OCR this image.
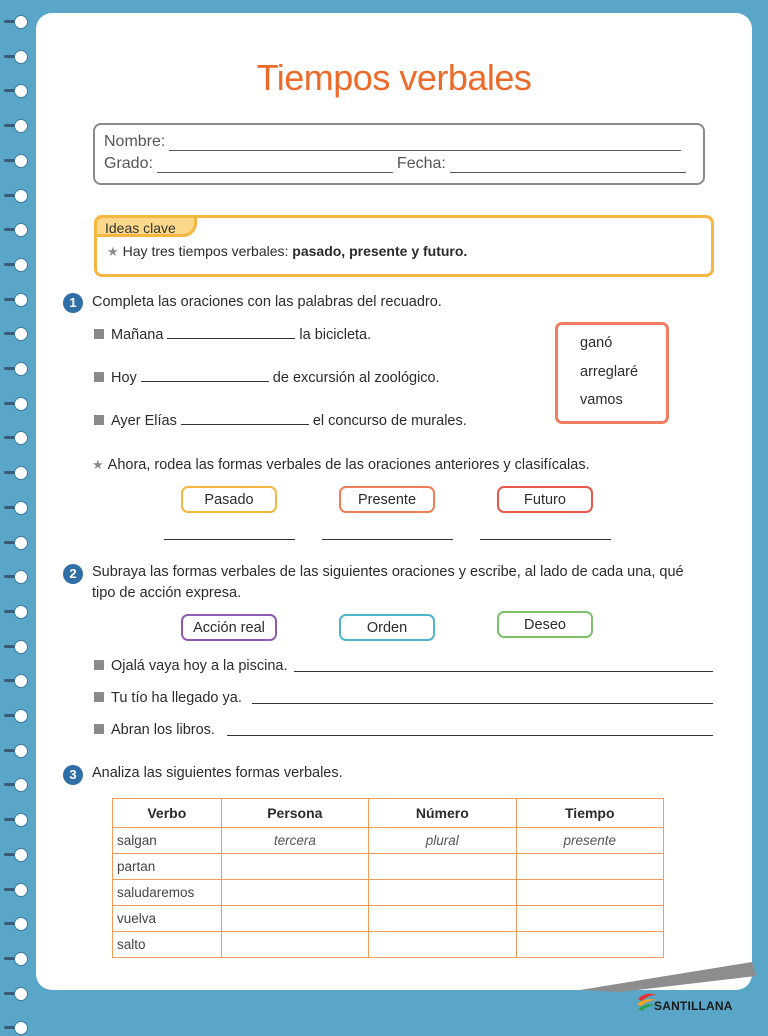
Tiempos verbales
Nombre:
Grado:	Fecha:
Ideas clave
★ Hay tres tiempos verbales: pasado, presente y futuro.
1	Completa las oraciones con las palabras del recuadro.
Mañana	la bicicleta.
Hoy	de excursión al zoológico.
Ayer Elías	el concurso de murales.
ganó
arreglaré
vamos
★ Ahora, rodea las formas verbales de las oraciones anteriores y clasifícalas.
Pasado	Presente	Futuro
2	Subraya las formas verbales de las siguientes oraciones y escribe, al lado de cada una, qué
tipo de acción expresa.
Acción real	Orden	Deseo
Ojalá vaya hoy a la piscina.
Tu tío ha llegado ya.
Abran los libros.
3	Analiza las siguientes formas verbales.
Verbo	Persona	Número	Tiempo
salgan	tercera	plural	presente
partan			
saludaremos			
vuelva			
salto			
SANTILLANA
